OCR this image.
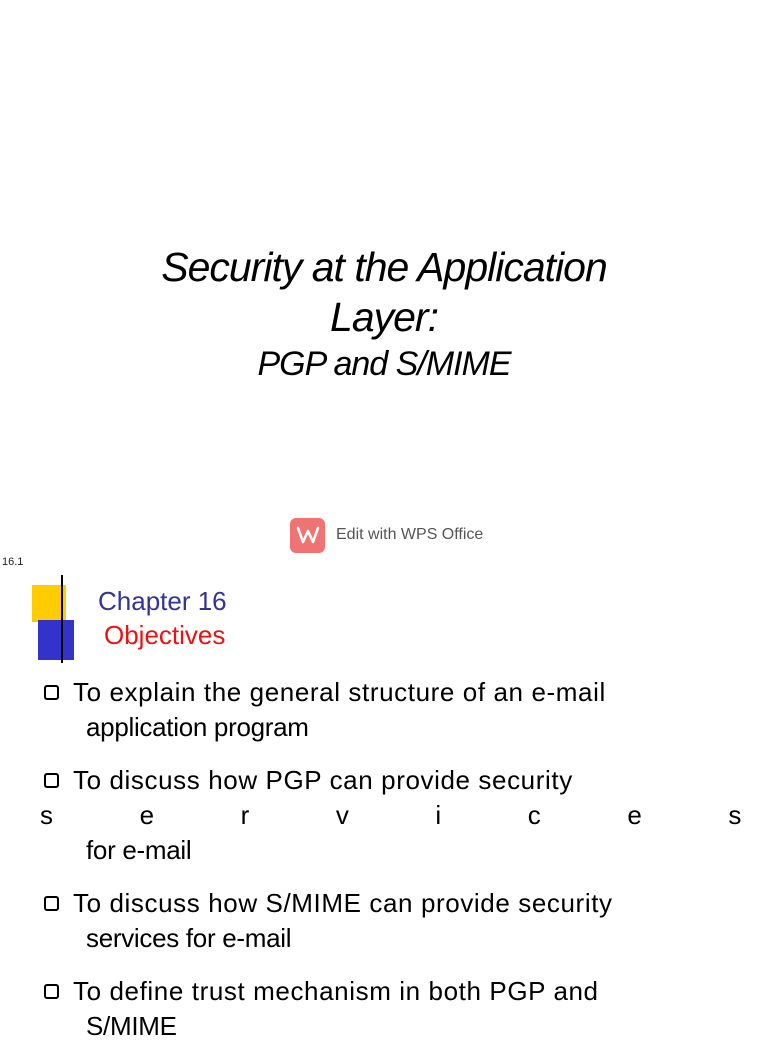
Security at the Application
Layer:
PGP and S/MIME
Edit with WPS Office
16.1
Chapter 16
Objectives
To explain the general structure of an e-mail
application program
To discuss how PGP can provide security
s	e	r	v	i	c	e	s
for e-mail
To discuss how S/MIME can provide security
services for e-mail
To define trust mechanism in both PGP and
S/MIME
